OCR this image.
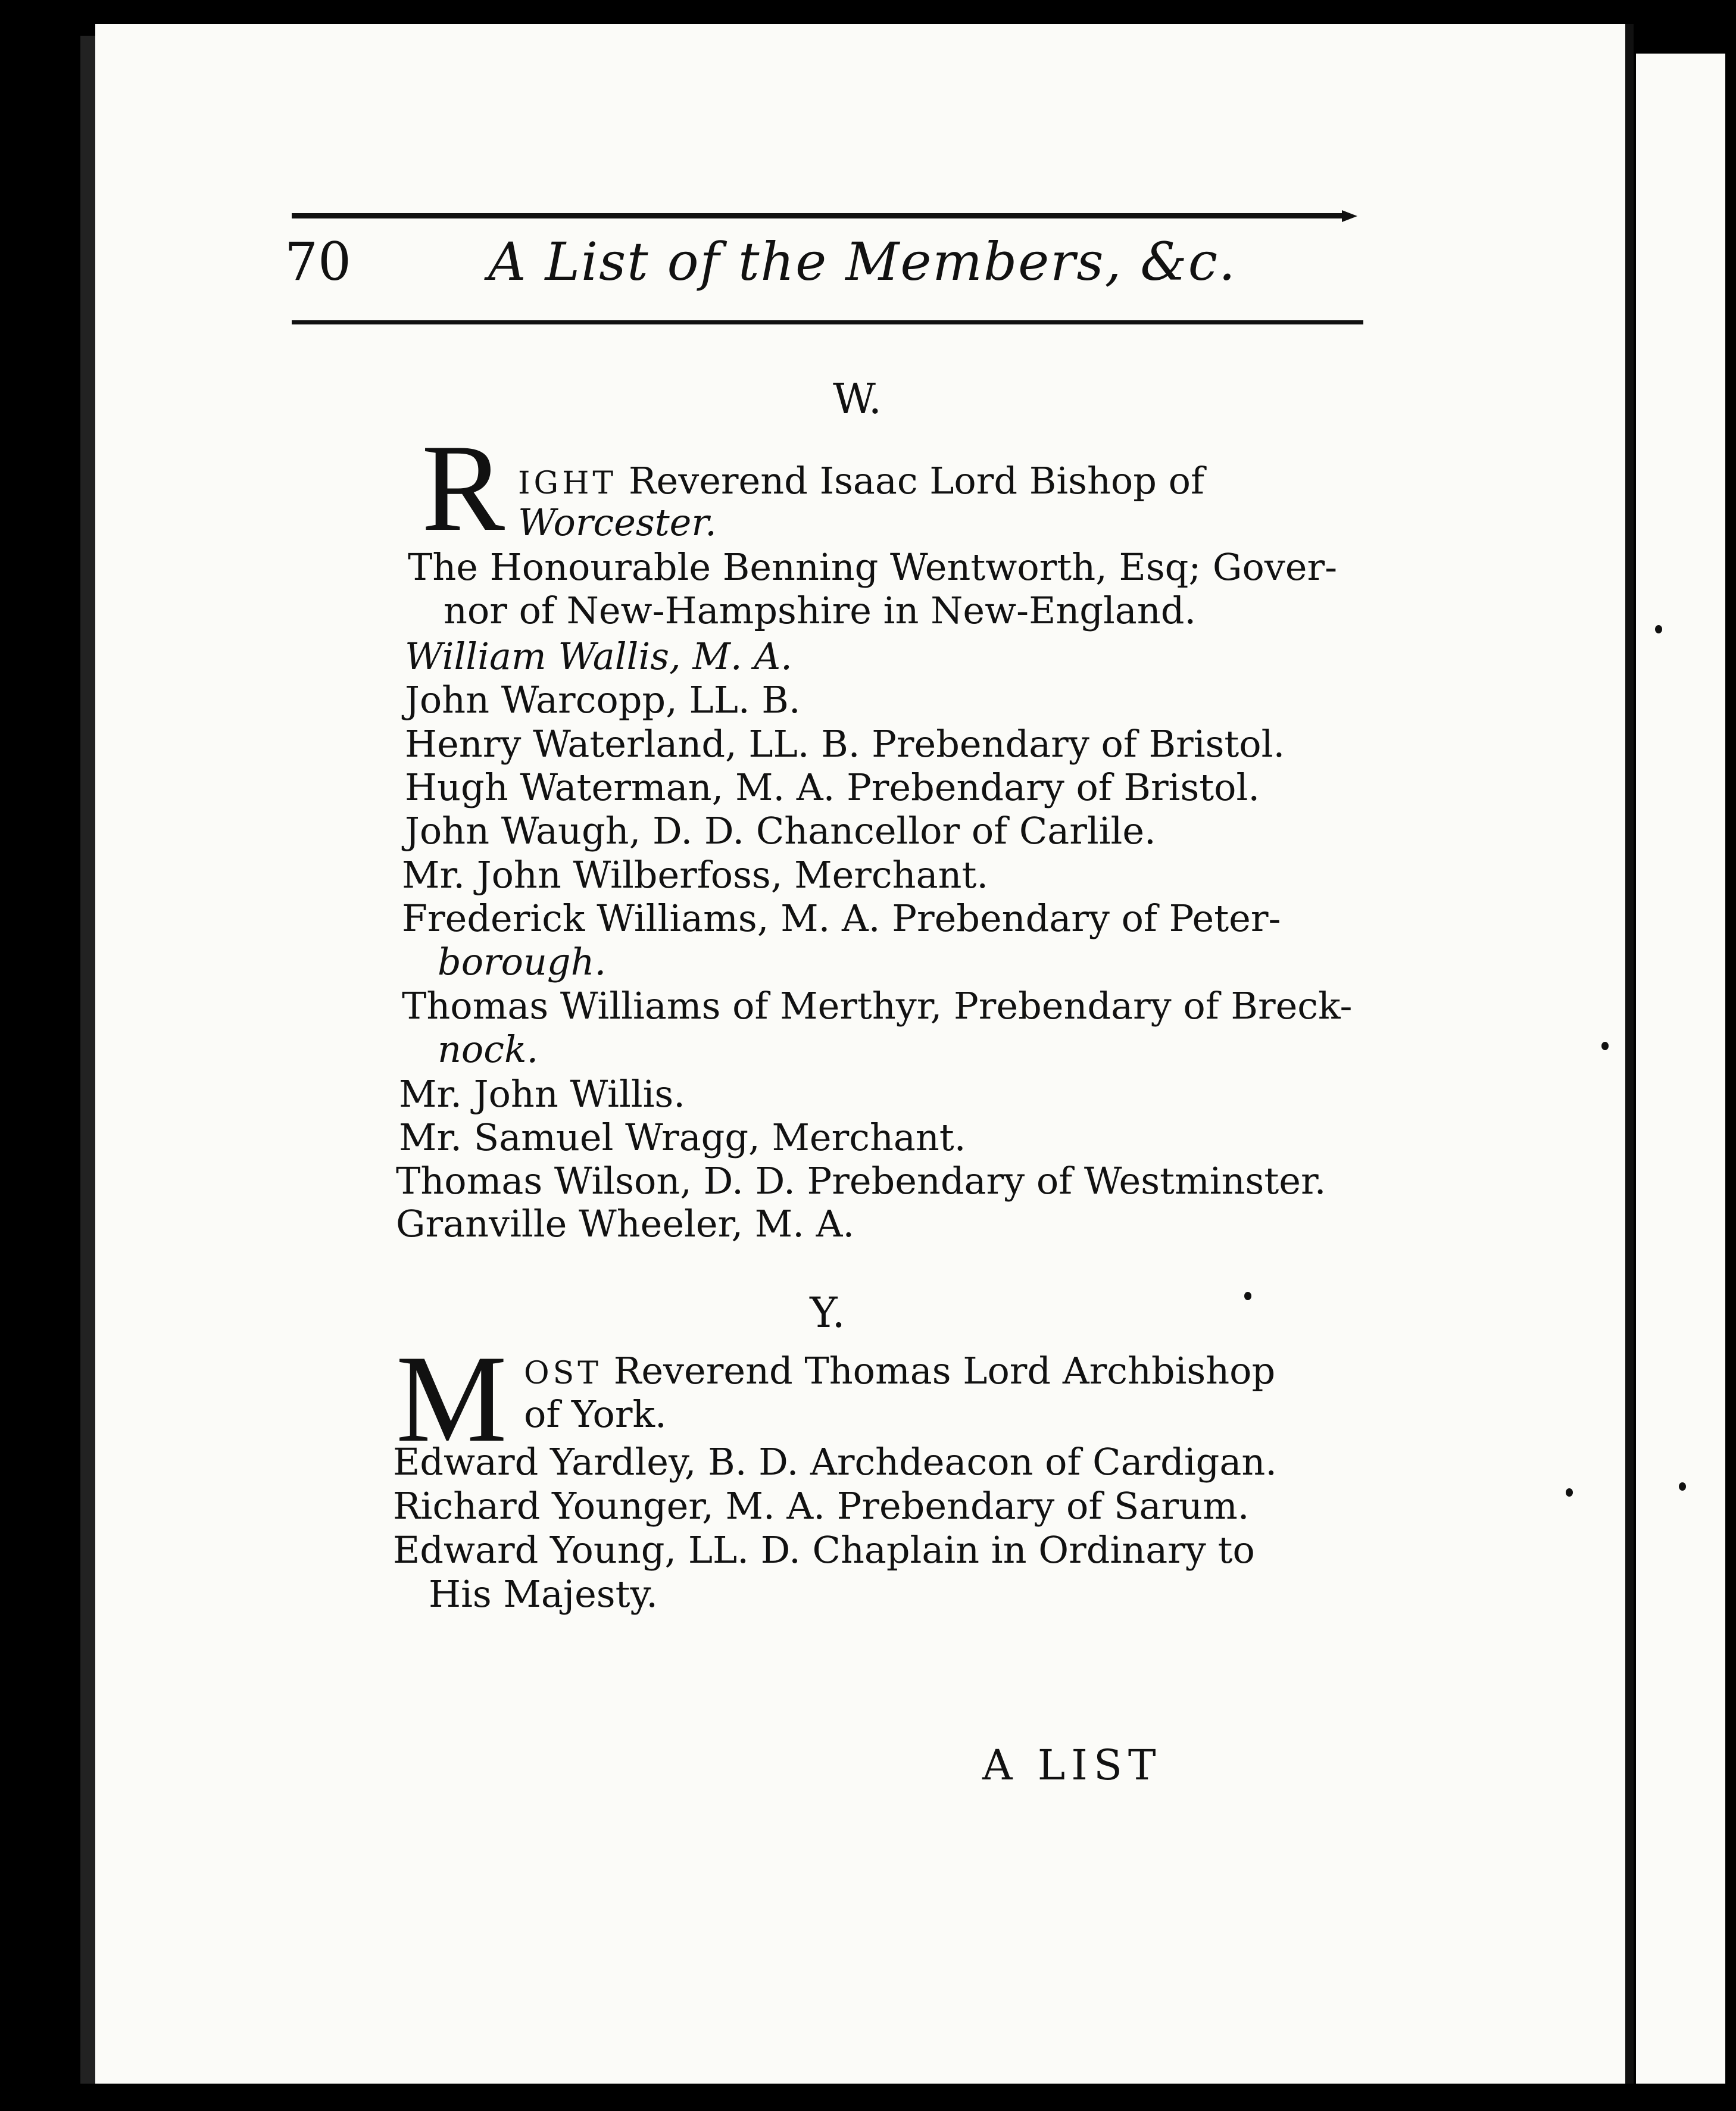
70	A List of the Members, &c.
W.
R IGHT Reverend Isaac Lord Bishop of
Worcester.
The Honourable Benning Wentworth, Esq; Gover-
nor of New-Hampshire in New-England.
William Wallis, M. A.
John Warcopp, LL. B.
Henry Waterland, LL. B. Prebendary of Bristol.
Hugh Waterman, M. A. Prebendary of Bristol.
John Waugh, D. D. Chancellor of Carlile.
Mr. John Wilberfoss, Merchant.
Frederick Williams, M. A. Prebendary of Peter-
borough.
Thomas Williams of Merthyr, Prebendary of Breck-
nock.
Mr. John Willis.
Mr. Samuel Wragg, Merchant.
Thomas Wilson, D. D. Prebendary of Westminster.
Granville Wheeler, M. A.
Y.
M OST Reverend Thomas Lord Archbishop
of York.
Edward Yardley, B. D. Archdeacon of Cardigan.
Richard Younger, M. A. Prebendary of Sarum.
Edward Young, LL. D. Chaplain in Ordinary to
His Majesty.
A LIST
